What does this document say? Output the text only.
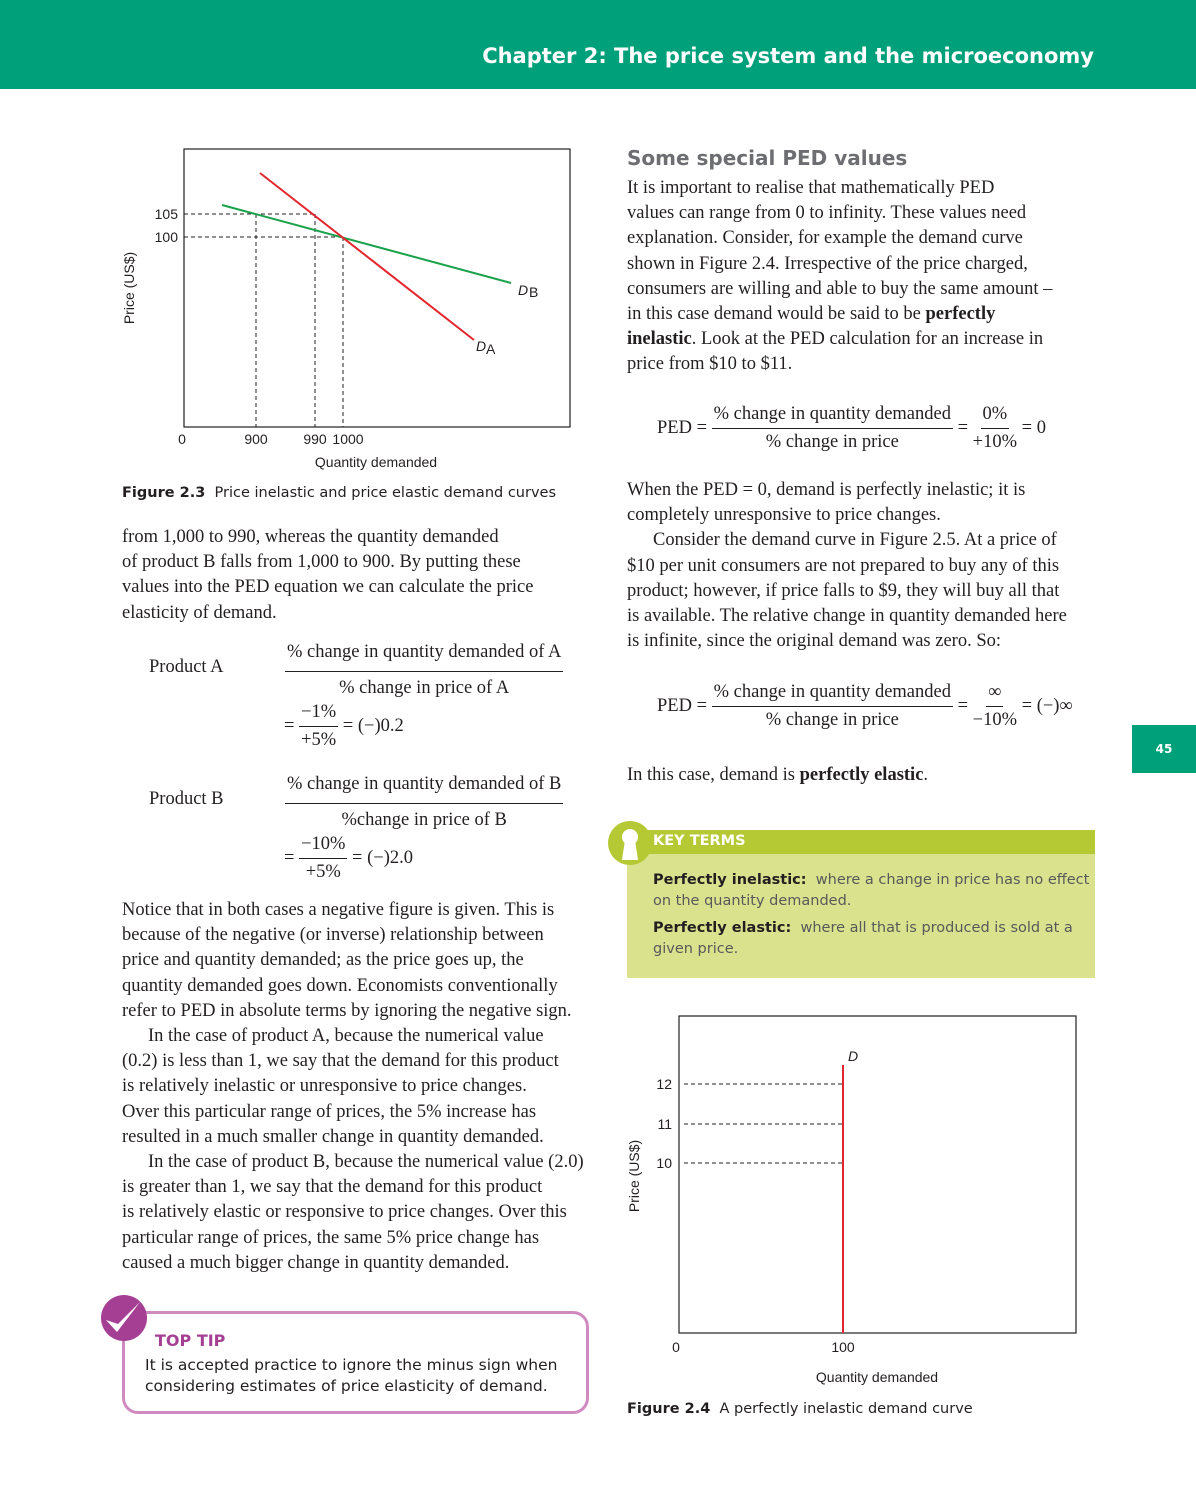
Chapter 2: The price system and the microeconomy
45
105
100
0	900	990 1000
Quantity demanded
Price (US$)	D B
D A
Figure 2.3 Price inelastic and price elastic demand curves
from 1,000 to 990, whereas the quantity demanded
of product B falls from 1,000 to 900. By putting these
values into the PED equation we can calculate the price
elasticity of demand.
Product A	$\frac{\text{\% change in quantity demanded of A}}{\text{\% change in price of A}}$
= $\frac{-1\%}{+5\%} = (-)0.2$
Product B	$\frac{\text{\% change in quantity demanded of B}}{\text{\%change in price of B}}$
= $\frac{-10\%}{+5\%} = (-)2.0$
Notice that in both cases a negative figure is given. This is
because of the negative (or inverse) relationship between
price and quantity demanded; as the price goes up, the
quantity demanded goes down. Economists conventionally
refer to PED in absolute terms by ignoring the negative sign.
In the case of product A, because the numerical value
(0.2) is less than 1, we say that the demand for this product
is relatively inelastic or unresponsive to price changes.
Over this particular range of prices, the 5% increase has
resulted in a much smaller change in quantity demanded.
In the case of product B, because the numerical value (2.0)
is greater than 1, we say that the demand for this product
is relatively elastic or responsive to price changes. Over this
particular range of prices, the same 5% price change has
caused a much bigger change in quantity demanded.
TOP TIP
It is accepted practice to ignore the minus sign when
considering estimates of price elasticity of demand.
Some special PED values
It is important to realise that mathematically PED
values can range from 0 to infinity. These values need
explanation. Consider, for example the demand curve
shown in Figure 2.4. Irrespective of the price charged,
consumers are willing and able to buy the same amount –
in this case demand would be said to be perfectly
inelastic. Look at the PED calculation for an increase in
price from $10 to $11.
PED = $\frac{\text{\% change in quantity demanded}}{\text{\% change in price}} = \frac{0\%}{+10\%} = 0$
When the PED = 0, demand is perfectly inelastic; it is
completely unresponsive to price changes.
Consider the demand curve in Figure 2.5. At a price of
$10 per unit consumers are not prepared to buy any of this
product; however, if price falls to $9, they will buy all that
is available. The relative change in quantity demanded here
is infinite, since the original demand was zero. So:
PED = $\frac{\text{\% change in quantity demanded}}{\text{\% change in price}} = \frac{\infty}{-10\%}$ = (−)∞
In this case, demand is perfectly elastic.
KEY TERMS
Perfectly inelastic: where a change in price has no effect
on the quantity demanded.
Perfectly elastic: where all that is produced is sold at a
given price.
D
12
11
10
0	100
Quantity demanded
Price (US$)
Figure 2.4 A perfectly inelastic demand curve
